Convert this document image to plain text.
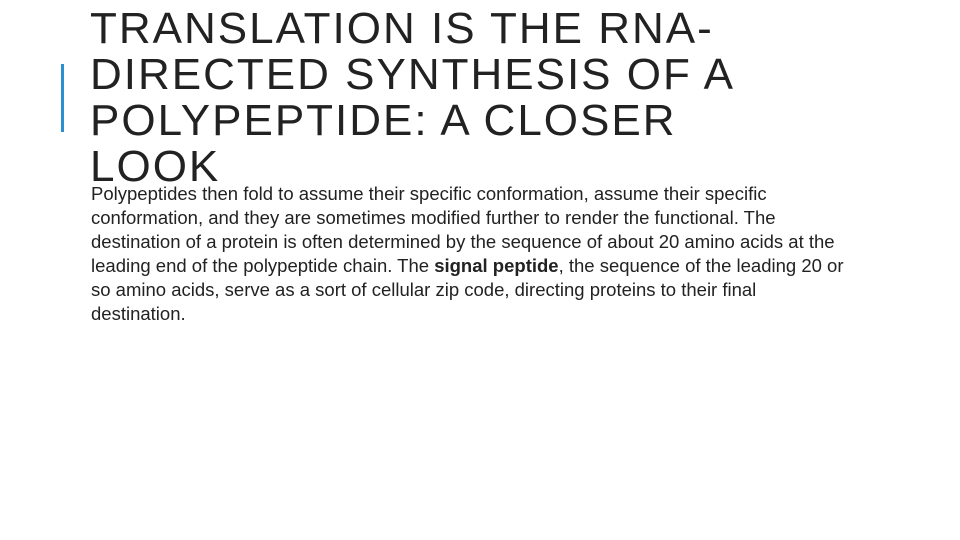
TRANSLATION IS THE RNA-
DIRECTED SYNTHESIS OF A
POLYPEPTIDE: A CLOSER
LOOK

Polypeptides then fold to assume their specific conformation, assume their specific conformation, and they are sometimes modified further to render the functional. The destination of a protein is often determined by the sequence of about 20 amino acids at the leading end of the polypeptide chain. The signal peptide, the sequence of the leading 20 or so amino acids, serve as a sort of cellular zip code, directing proteins to their final destination.
